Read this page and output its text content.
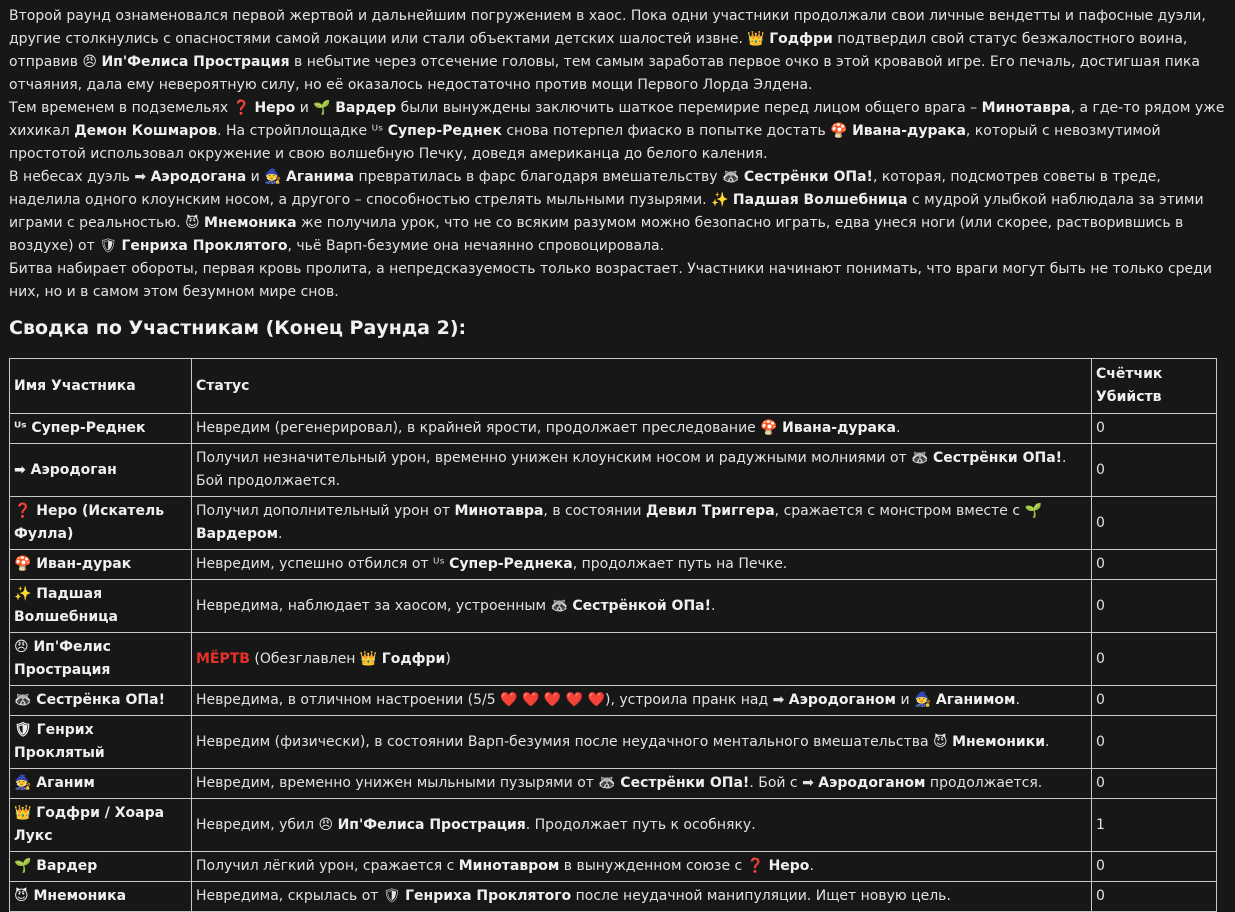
Второй раунд ознаменовался первой жертвой и дальнейшим погружением в хаос. Пока одни участники продолжали свои личные вендетты и пафосные дуэли, другие столкнулись с опасностями самой локации или стали объектами детских шалостей извне. 👑 Годфри подтвердил свой статус безжалостного воина, отправив 😠 Ип'Фелиса Прострация в небытие через отсечение головы, тем самым заработав первое очко в этой кровавой игре. Его печаль, достигшая пика отчаяния, дала ему невероятную силу, но её оказалось недостаточно против мощи Первого Лорда Элдена.

Тем временем в подземельях ❓ Неро и 🌱 Вардер были вынуждены заключить шаткое перемирие перед лицом общего врага – Минотавра, а где-то рядом уже хихикал Демон Кошмаров. На стройплощадке ᵁˢ Супер-Реднек снова потерпел фиаско в попытке достать 🍄 Ивана-дурака, который с невозмутимой простотой использовал окружение и свою волшебную Печку, доведя американца до белого каления.

В небесах дуэль ➡ Аэродогана и 🧙 Аганима превратилась в фарс благодаря вмешательству 🦝 Сестрёнки ОПа!, которая, подсмотрев советы в треде, наделила одного клоунским носом, а другого – способностью стрелять мыльными пузырями. ✨ Падшая Волшебница с мудрой улыбкой наблюдала за этими играми с реальностью. 😈 Мнемоника же получила урок, что не со всяким разумом можно безопасно играть, едва унеся ноги (или скорее, растворившись в воздухе) от 🛡 Генриха Проклятого, чьё Варп-безумие она нечаянно спровоцировала.

Битва набирает обороты, первая кровь пролита, а непредсказуемость только возрастает. Участники начинают понимать, что враги могут быть не только среди них, но и в самом этом безумном мире снов.

Сводка по Участникам (Конец Раунда 2):
Имя Участника	Статус	Счётчик Убийств
ᵁˢ Супер-Реднек	Невредим (регенерировал), в крайней ярости, продолжает преследование 🍄 Ивана-дурака.	0
➡ Аэродоган	Получил незначительный урон, временно унижен клоунским носом и радужными молниями от 🦝 Сестрёнки ОПа!. Бой продолжается.	0
❓ Неро (Искатель Фулла)	Получил дополнительный урон от Минотавра, в состоянии Девил Триггера, сражается с монстром вместе с 🌱 Вардером.	0
🍄 Иван-дурак	Невредим, успешно отбился от ᵁˢ Супер-Реднека, продолжает путь на Печке.	0
✨ Падшая Волшебница	Невредима, наблюдает за хаосом, устроенным 🦝 Сестрёнкой ОПа!.	0
😠 Ип'Фелис Прострация	МЁРТВ (Обезглавлен 👑 Годфри)	0
🦝 Сестрёнка ОПа!	Невредима, в отличном настроении (5/5 ❤️ ❤️ ❤️ ❤️ ❤️), устроила пранк над ➡ Аэродоганом и 🧙 Аганимом.	0
🛡 Генрих Проклятый	Невредим (физически), в состоянии Варп-безумия после неудачного ментального вмешательства 😈 Мнемоники.	0
🧙 Аганим	Невредим, временно унижен мыльными пузырями от 🦝 Сестрёнки ОПа!. Бой с ➡ Аэродоганом продолжается.	0
👑 Годфри / Хоара Лукс	Невредим, убил 😠 Ип'Фелиса Прострация. Продолжает путь к особняку.	1
🌱 Вардер	Получил лёгкий урон, сражается с Минотавром в вынужденном союзе с ❓ Неро.	0
😈 Мнемоника	Невредима, скрылась от 🛡 Генриха Проклятого после неудачной манипуляции. Ищет новую цель.	0
